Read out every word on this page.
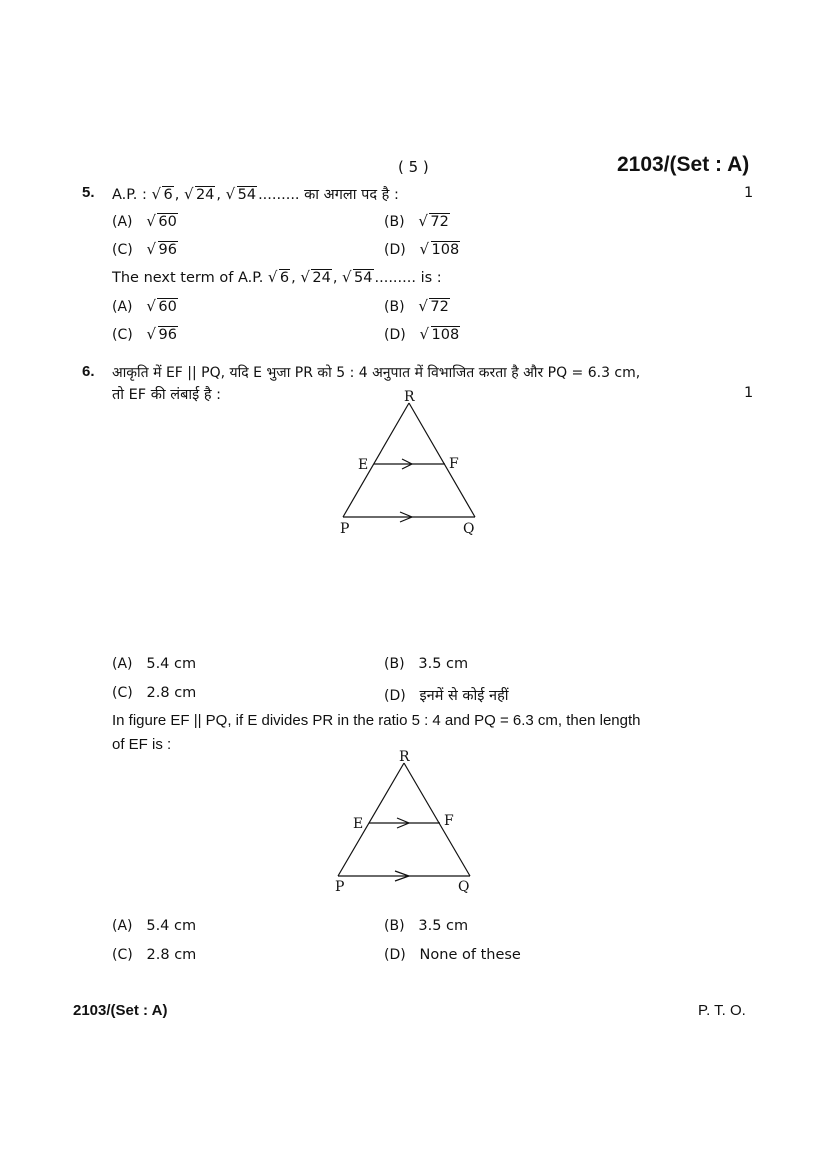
( 5 )	2103/(Set : A)
5. A.P. : √ 6 , √ 24 , √ 54 ......... का अगला पद है :	1
(A) √ 60	(B) √ 72
(C) √ 96	(D) √ 108
The next term of A.P. √ 6 , √ 24 , √ 54 ......... is :
(A) √ 60	(B) √ 72
(C) √ 96	(D) √ 108
6. आकृति में EF || PQ, यदि E भुजा PR को 5 : 4 अनुपात में विभाजित करता है और PQ = 6.3 cm,
तो EF की लंबाई है :	1
R
E	F
P	Q
(A) 5.4 cm	(B) 3.5 cm
(C) 2.8 cm	(D) इनमें से कोई नहीं
In figure EF || PQ, if E divides PR in the ratio 5 : 4 and PQ = 6.3 cm, then length
of EF is :
R
E	F
P	Q
(A) 5.4 cm	(B) 3.5 cm
(C) 2.8 cm	(D) None of these
2103/(Set : A)	P. T. O.
